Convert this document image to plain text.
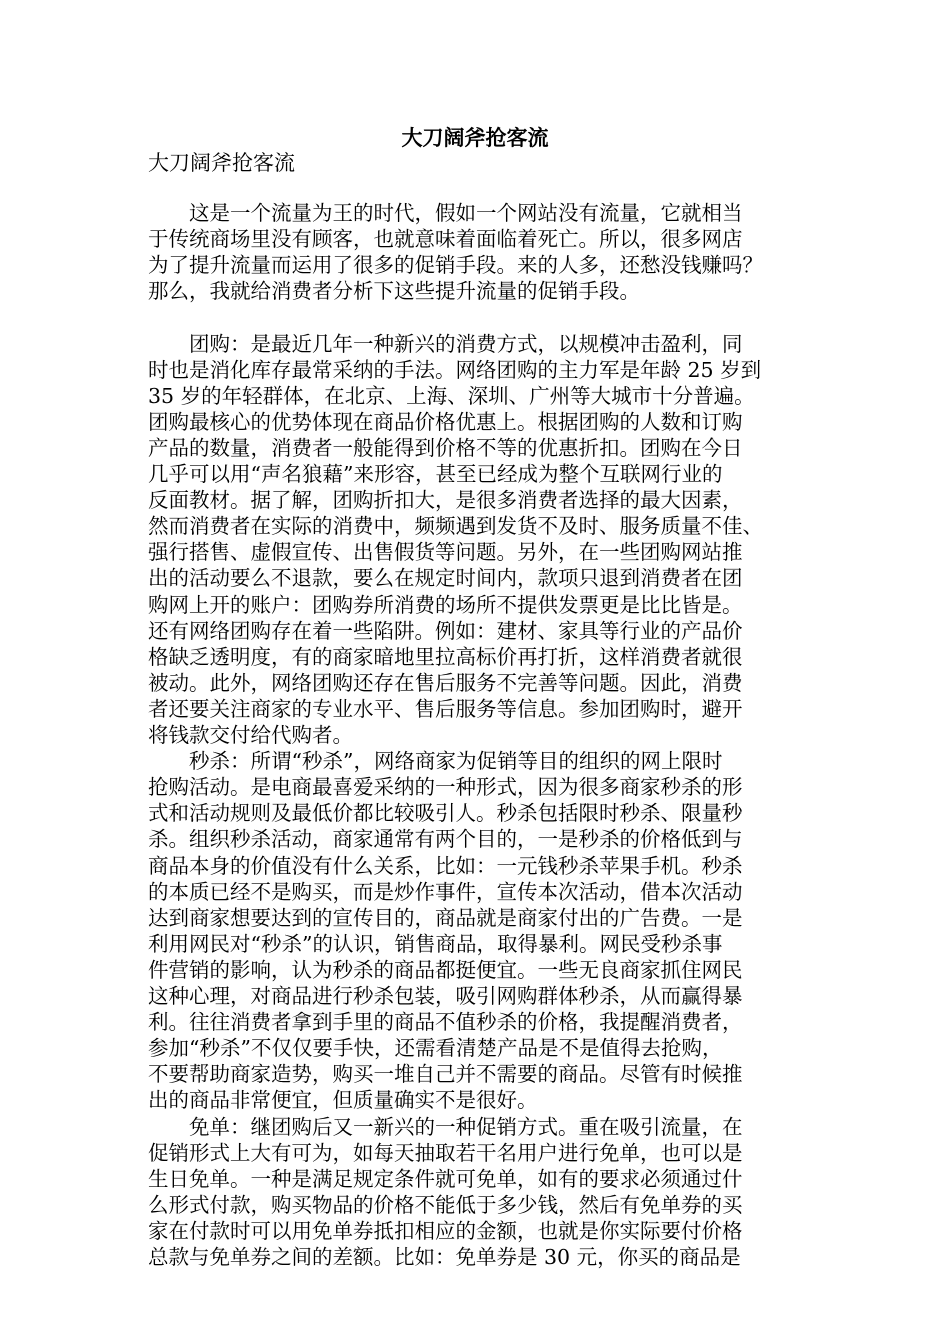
大刀阔斧抢客流

大刀阔斧抢客流

　　这是一个流量为王的时代，假如一个网站没有流量，它就相当

于传统商场里没有顾客，也就意味着面临着死亡。所以，很多网店

为了提升流量而运用了很多的促销手段。来的人多，还愁没钱赚吗？

那么，我就给消费者分析下这些提升流量的促销手段。

　　团购：是最近几年一种新兴的消费方式，以规模冲击盈利，同

时也是消化库存最常采纳的手法。网络团购的主力军是年龄 25 岁到

35 岁的年轻群体，在北京、上海、深圳、广州等大城市十分普遍。

团购最核心的优势体现在商品价格优惠上。根据团购的人数和订购

产品的数量，消费者一般能得到价格不等的优惠折扣。团购在今日

几乎可以用“声名狼藉”来形容，甚至已经成为整个互联网行业的

反面教材。据了解，团购折扣大，是很多消费者选择的最大因素，

然而消费者在实际的消费中，频频遇到发货不及时、服务质量不佳、

强行搭售、虚假宣传、出售假货等问题。另外，在一些团购网站推

出的活动要么不退款，要么在规定时间内，款项只退到消费者在团

购网上开的账户：团购券所消费的场所不提供发票更是比比皆是。

还有网络团购存在着一些陷阱。例如：建材、家具等行业的产品价

格缺乏透明度，有的商家暗地里拉高标价再打折，这样消费者就很

被动。此外，网络团购还存在售后服务不完善等问题。因此，消费

者还要关注商家的专业水平、售后服务等信息。参加团购时，避开

将钱款交付给代购者。

　　秒杀：所谓“秒杀”，网络商家为促销等目的组织的网上限时

抢购活动。是电商最喜爱采纳的一种形式，因为很多商家秒杀的形

式和活动规则及最低价都比较吸引人。秒杀包括限时秒杀、限量秒

杀。组织秒杀活动，商家通常有两个目的，一是秒杀的价格低到与

商品本身的价值没有什么关系，比如：一元钱秒杀苹果手机。秒杀

的本质已经不是购买，而是炒作事件，宣传本次活动，借本次活动

达到商家想要达到的宣传目的，商品就是商家付出的广告费。一是

利用网民对“秒杀”的认识，销售商品，取得暴利。网民受秒杀事

件营销的影响，认为秒杀的商品都挺便宜。一些无良商家抓住网民

这种心理，对商品进行秒杀包装，吸引网购群体秒杀，从而赢得暴

利。往往消费者拿到手里的商品不值秒杀的价格，我提醒消费者，

参加“秒杀”不仅仅要手快，还需看清楚产品是不是值得去抢购，

不要帮助商家造势，购买一堆自己并不需要的商品。尽管有时候推

出的商品非常便宜，但质量确实不是很好。

　　免单：继团购后又一新兴的一种促销方式。重在吸引流量，在

促销形式上大有可为，如每天抽取若干名用户进行免单，也可以是

生日免单。一种是满足规定条件就可免单，如有的要求必须通过什

么形式付款，购买物品的价格不能低于多少钱，然后有免单券的买

家在付款时可以用免单券抵扣相应的金额，也就是你实际要付价格

总款与免单券之间的差额。比如：免单券是 30 元，你买的商品是
